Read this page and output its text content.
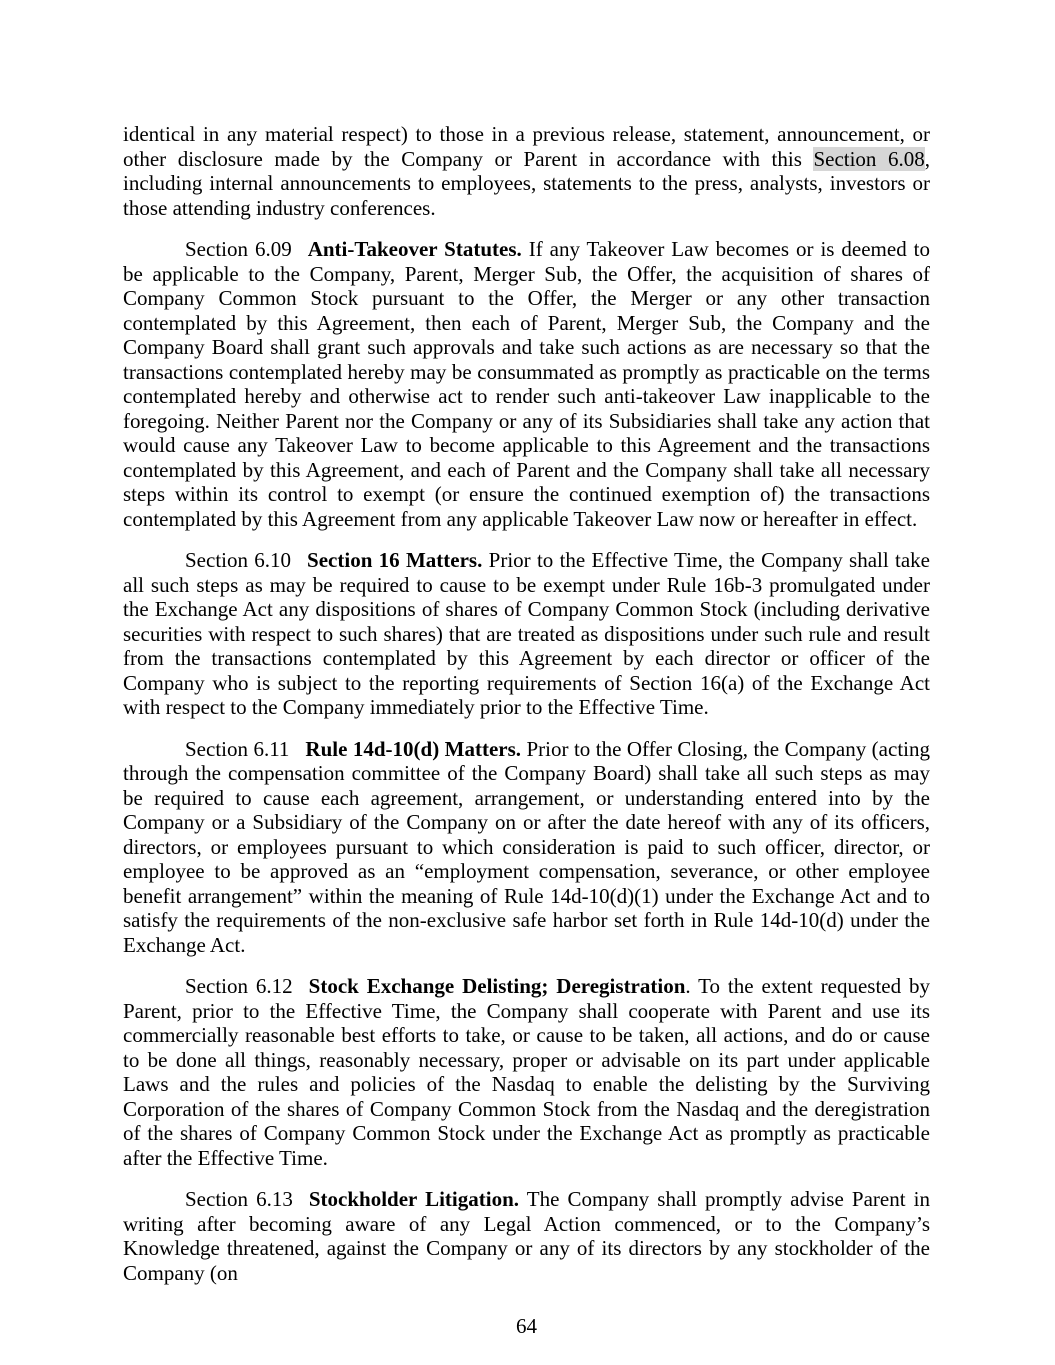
identical in any material respect) to those in a previous release, statement, announcement, or other disclosure made by the Company or Parent in accordance with this Section 6.08, including internal announcements to employees, statements to the press, analysts, investors or those attending industry conferences.

Section 6.09 Anti-Takeover Statutes. If any Takeover Law becomes or is deemed to be applicable to the Company, Parent, Merger Sub, the Offer, the acquisition of shares of Company Common Stock pursuant to the Offer, the Merger or any other transaction contemplated by this Agreement, then each of Parent, Merger Sub, the Company and the Company Board shall grant such approvals and take such actions as are necessary so that the transactions contemplated hereby may be consummated as promptly as practicable on the terms contemplated hereby and otherwise act to render such anti-takeover Law inapplicable to the foregoing. Neither Parent nor the Company or any of its Subsidiaries shall take any action that would cause any Takeover Law to become applicable to this Agreement and the transactions contemplated by this Agreement, and each of Parent and the Company shall take all necessary steps within its control to exempt (or ensure the continued exemption of) the transactions contemplated by this Agreement from any applicable Takeover Law now or hereafter in effect.

Section 6.10 Section 16 Matters. Prior to the Effective Time, the Company shall take all such steps as may be required to cause to be exempt under Rule 16b-3 promulgated under the Exchange Act any dispositions of shares of Company Common Stock (including derivative securities with respect to such shares) that are treated as dispositions under such rule and result from the transactions contemplated by this Agreement by each director or officer of the Company who is subject to the reporting requirements of Section 16(a) of the Exchange Act with respect to the Company immediately prior to the Effective Time.

Section 6.11 Rule 14d-10(d) Matters. Prior to the Offer Closing, the Company (acting through the compensation committee of the Company Board) shall take all such steps as may be required to cause each agreement, arrangement, or understanding entered into by the Company or a Subsidiary of the Company on or after the date hereof with any of its officers, directors, or employees pursuant to which consideration is paid to such officer, director, or employee to be approved as an “employment compensation, severance, or other employee benefit arrangement” within the meaning of Rule 14d-10(d)(1) under the Exchange Act and to satisfy the requirements of the non-exclusive safe harbor set forth in Rule 14d-10(d) under the Exchange Act.

Section 6.12 Stock Exchange Delisting; Deregistration. To the extent requested by Parent, prior to the Effective Time, the Company shall cooperate with Parent and use its commercially reasonable best efforts to take, or cause to be taken, all actions, and do or cause to be done all things, reasonably necessary, proper or advisable on its part under applicable Laws and the rules and policies of the Nasdaq to enable the delisting by the Surviving Corporation of the shares of Company Common Stock from the Nasdaq and the deregistration of the shares of Company Common Stock under the Exchange Act as promptly as practicable after the Effective Time.

Section 6.13 Stockholder Litigation. The Company shall promptly advise Parent in writing after becoming aware of any Legal Action commenced, or to the Company’s Knowledge threatened, against the Company or any of its directors by any stockholder of the Company (on

64
